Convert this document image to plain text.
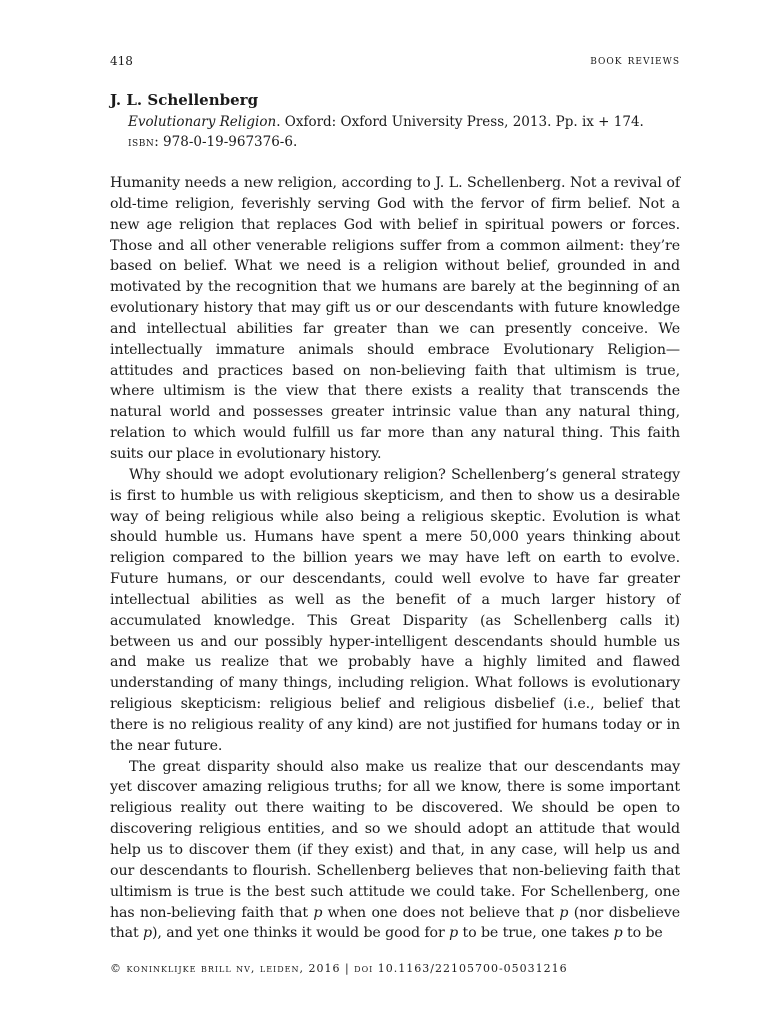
418	book reviews

J. L. Schellenberg

Evolutionary Religion. Oxford: Oxford University Press, 2013. Pp. ix + 174.

isbn: 978-0-19-967376-6.

Humanity needs a new religion, according to J. L. Schellenberg. Not a revival of old-time religion, feverishly serving God with the fervor of firm belief. Not a new age religion that replaces God with belief in spiritual powers or forces. Those and all other venerable religions suffer from a common ailment: they’re based on belief. What we need is a religion without belief, grounded in and motivated by the recognition that we humans are barely at the beginning of an evolutionary history that may gift us or our descendants with future knowledge and intellectual abilities far greater than we can presently conceive. We intellectually immature animals should embrace Evolutionary Religion—attitudes and practices based on non-believing faith that ultimism is true, where ultimism is the view that there exists a reality that transcends the natural world and possesses greater intrinsic value than any natural thing, relation to which would fulfill us far more than any natural thing. This faith suits our place in evolutionary history.

Why should we adopt evolutionary religion? Schellenberg’s general strategy is first to humble us with religious skepticism, and then to show us a desirable way of being religious while also being a religious skeptic. Evolution is what should humble us. Humans have spent a mere 50,000 years thinking about religion compared to the billion years we may have left on earth to evolve. Future humans, or our descendants, could well evolve to have far greater intellectual abilities as well as the benefit of a much larger history of accumulated knowledge. This Great Disparity (as Schellenberg calls it) between us and our possibly hyper-intelligent descendants should humble us and make us realize that we probably have a highly limited and flawed understanding of many things, including religion. What follows is evolutionary religious skepticism: religious belief and religious disbelief (i.e., belief that there is no religious reality of any kind) are not justified for humans today or in the near future.

The great disparity should also make us realize that our descendants may yet discover amazing religious truths; for all we know, there is some important religious reality out there waiting to be discovered. We should be open to discovering religious entities, and so we should adopt an attitude that would help us to discover them (if they exist) and that, in any case, will help us and our descendants to flourish. Schellenberg believes that non-believing faith that ultimism is true is the best such attitude we could take. For Schellenberg, one has non-believing faith that p when one does not believe that p (nor disbelieve that p), and yet one thinks it would be good for p to be true, one takes p to be

© koninklijke brill nv, leiden, 2016 | doi 10.1163/22105700-05031216
